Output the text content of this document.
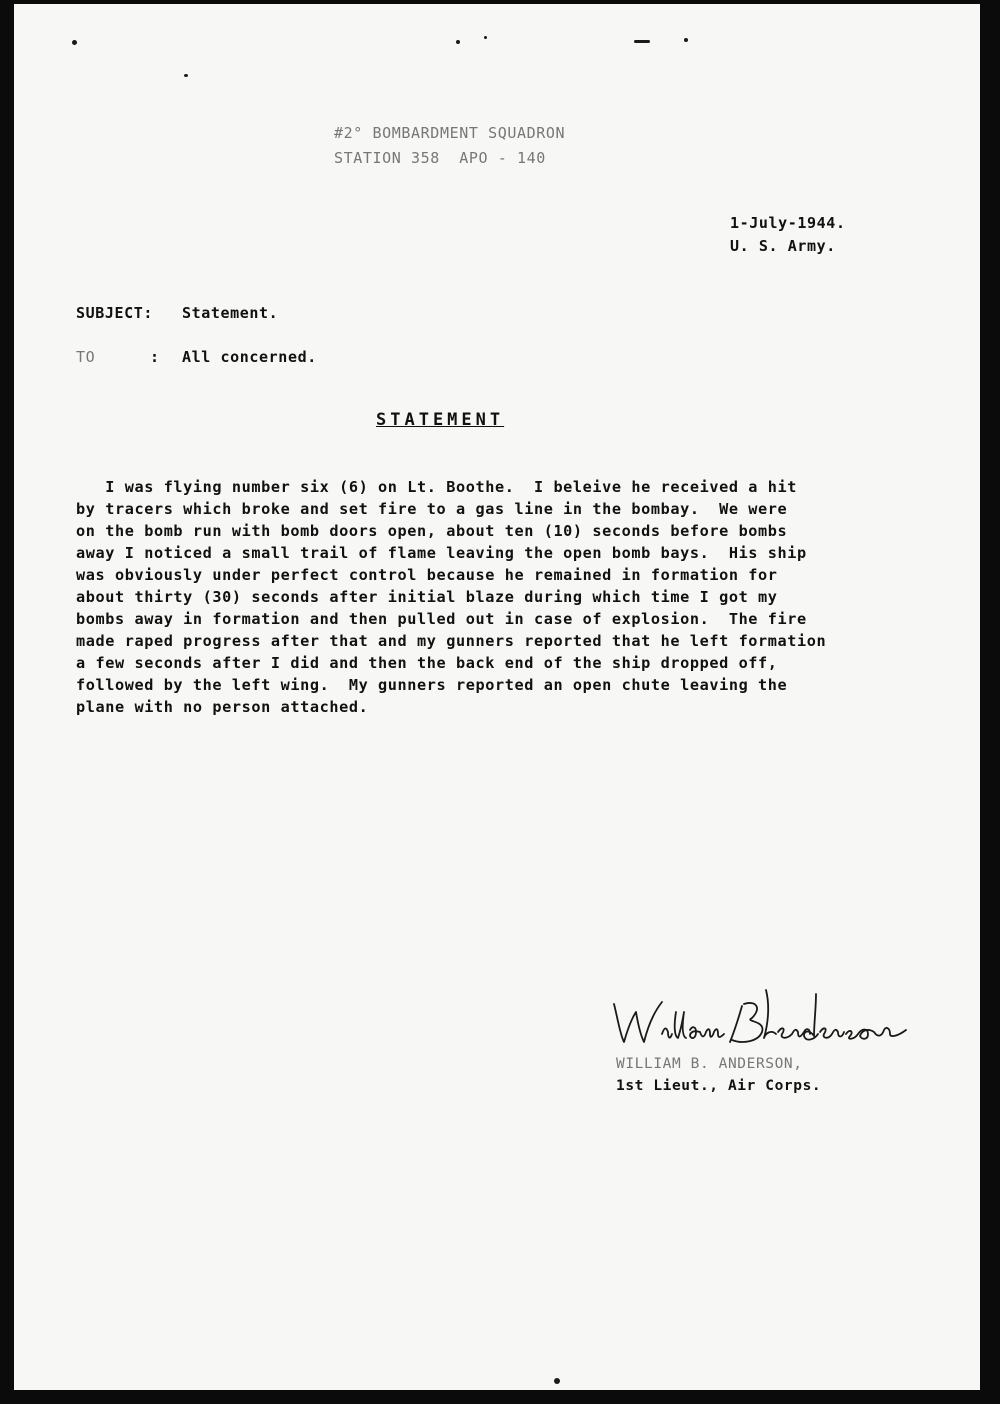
#2° BOMBARDMENT SQUADRON
STATION 358  APO - 140
1-July-1944.
U. S. Army.
SUBJECT: Statement.
TO	: All concerned.
STATEMENT
I was flying number six (6) on Lt. Boothe.  I beleive he received a hit
by tracers which broke and set fire to a gas line in the bombay.  We were
on the bomb run with bomb doors open, about ten (10) seconds before bombs
away I noticed a small trail of flame leaving the open bomb bays.  His ship
was obviously under perfect control because he remained in formation for
about thirty (30) seconds after initial blaze during which time I got my
bombs away in formation and then pulled out in case of explosion.  The fire
made raped progress after that and my gunners reported that he left formation
a few seconds after I did and then the back end of the ship dropped off,
followed by the left wing.  My gunners reported an open chute leaving the
plane with no person attached.
WILLIAM B. ANDERSON,
1st Lieut., Air Corps.
